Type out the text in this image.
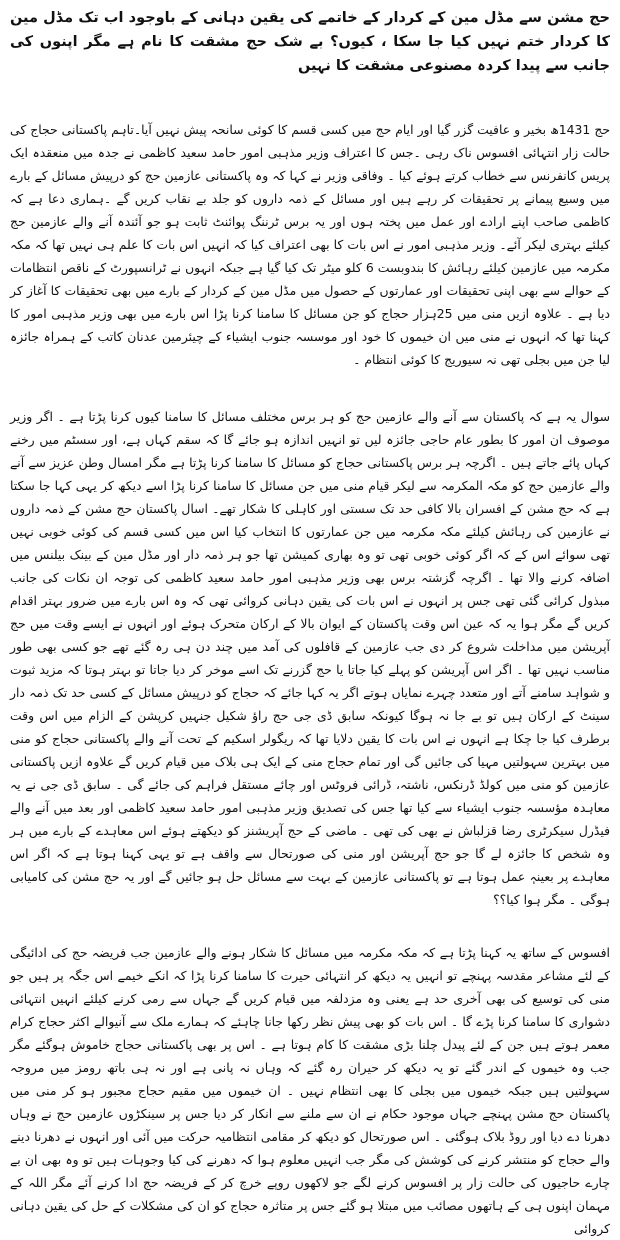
حج مشن سے مڈل مین کے کردار کے خاتمے کی یقین دہانی کے باوجود اب تک مڈل مین کا کردار ختم نہیں کیا جا سکا ، کیوں؟ بے شک حج مشقت کا نام ہے مگر اپنوں کی جانب سے پیدا کردہ مصنوعی مشقت کا نہیں

حج 1431ھ بخیر و عافیت گزر گیا اور ایام حج میں کسی قسم کا کوئی سانحہ پیش نہیں آیا۔تاہم پاکستانی حجاج کی حالت زار انتہائی افسوس ناک رہی ۔جس کا اعتراف وزیر مذہبی امور حامد سعید کاظمی نے جدہ میں منعقدہ ایک پریس کانفرنس سے خطاب کرتے ہوئے کیا ۔ وفاقی وزیر نے کہا کہ وہ پاکستانی عازمین حج کو درپیش مسائل کے بارے میں وسیع پیمانے پر تحقیقات کر رہے ہیں اور مسائل کے ذمہ داروں کو جلد بے نقاب کریں گے ۔ہماری دعا ہے کہ کاظمی صاحب اپنے ارادے اور عمل میں پختہ ہوں اور یہ برس ٹرننگ پوائنٹ ثابت ہو جو آئندہ آنے والے عازمین حج کیلئے بہتری لیکر آئے۔ وزیر مذہبی امور نے اس بات کا بھی اعتراف کیا کہ انہیں اس بات کا علم ہی نہیں تھا کہ مکہ مکرمہ میں عازمین کیلئے رہائش کا بندوبست 6 کلو میٹر تک کیا گیا ہے جبکہ انہوں نے ٹرانسپورٹ کے ناقص انتظامات کے حوالے سے بھی اپنی تحقیقات اور عمارتوں کے حصول میں مڈل مین کے کردار کے بارے میں بھی تحقیقات کا آغاز کر دیا ہے ۔ علاوہ ازیں منی میں 25ہزار حجاج کو جن مسائل کا سامنا کرنا پڑا اس بارے میں بھی وزیر مذہبی امور کا کہنا تھا کہ انہوں نے منی میں ان خیموں کا خود اور موسسہ جنوب ایشیاء کے چیئرمین عدنان کاتب کے ہمراہ جائزہ لیا جن میں بجلی تھی نہ سیوریج کا کوئی انتظام ۔

سوال یہ ہے کہ پاکستان سے آنے والے عازمین حج کو ہر برس مختلف مسائل کا سامنا کیوں کرنا پڑتا ہے ۔ اگر وزیر موصوف ان امور کا بطور عام حاجی جائزہ لیں تو انہیں اندازہ ہو جائے گا کہ سقم کہاں ہے، اور سسٹم میں رخنے کہاں پائے جاتے ہیں ۔ اگرچہ ہر برس پاکستانی حجاج کو مسائل کا سامنا کرنا پڑتا ہے مگر امسال وطن عزیز سے آنے والے عازمین حج کو مکہ المکرمہ سے لیکر قیام منی میں جن مسائل کا سامنا کرنا پڑا اسے دیکھ کر یہی کہا جا سکتا ہے کہ حج مشن کے افسران بالا کافی حد تک سستی اور کاہلی کا شکار تھے۔ اسال پاکستان حج مشن کے ذمہ داروں نے عازمین کی رہائش کیلئے مکہ مکرمہ میں جن عمارتوں کا انتخاب کیا اس میں کسی قسم کی کوئی خوبی نہیں تھی سوائے اس کے کہ اگر کوئی خوبی تھی تو وہ بھاری کمیشن تھا جو ہر ذمہ دار اور مڈل مین کے بینک بیلنس میں اضافہ کرنے والا تھا ۔ اگرچہ گزشتہ برس بھی وزیر مذہبی امور حامد سعید کاظمی کی توجہ ان نکات کی جانب مبذول کرائی گئی تھی جس پر انہوں نے اس بات کی یقین دہانی کروائی تھی کہ وہ اس بارے میں ضرور بہتر اقدام کریں گے مگر ہوا یہ کہ عین اس وقت پاکستان کے ایوان بالا کے ارکان متحرک ہوئے اور انہوں نے ایسے وقت میں حج آپریشن میں مداخلت شروع کر دی جب عازمین کے قافلوں کی آمد میں چند دن ہی رہ گئے تھے جو کسی بھی طور مناسب نہیں تھا ۔ اگر اس آپریشن کو پہلے کیا جاتا یا حج گزرنے تک اسے موخر کر دیا جاتا تو بہتر ہوتا کہ مزید ثبوت و شواہد سامنے آتے اور متعدد چہرے نمایاں ہوتے اگر یہ کہا جائے کہ حجاج کو درپیش مسائل کے کسی حد تک ذمہ دار سینٹ کے ارکان ہیں تو بے جا نہ ہوگا کیونکہ سابق ڈی جی حج راؤ شکیل جنہیں کرپشن کے الزام میں اس وقت برطرف کیا جا چکا ہے انہوں نے اس بات کا یقین دلایا تھا کہ ریگولر اسکیم کے تحت آنے والے پاکستانی حجاج کو منی میں بہترین سہولتیں مہیا کی جائیں گی اور تمام حجاج منی کے ایک ہی بلاک میں قیام کریں گے علاوہ ازیں پاکستانی عازمین کو منی میں کولڈ ڈرنکس، ناشتہ، ڈرائی فروٹس اور چائے مستقل فراہم کی جائے گی ۔ سابق ڈی جی نے یہ معاہدہ مؤسسہ جنوب ایشیاء سے کیا تھا جس کی تصدیق وزیر مذہبی امور حامد سعید کاظمی اور بعد میں آنے والے فیڈرل سیکرٹری رضا قزلباش نے بھی کی تھی ۔ ماضی کے حج آپریشنز کو دیکھتے ہوئے اس معاہدے کے بارے میں ہر وہ شخص کا جائزہ لے گا جو حج آپریشن اور منی کی صورتحال سے واقف ہے تو یہی کہنا ہوتا ہے کہ اگر اس معاہدے پر بعینہٖ عمل ہوتا ہے تو پاکستانی عازمین کے بہت سے مسائل حل ہو جائیں گے اور یہ حج مشن کی کامیابی ہوگی ۔ مگر ہوا کیا؟؟

افسوس کے ساتھ یہ کہنا پڑتا ہے کہ مکہ مکرمہ میں مسائل کا شکار ہونے والے عازمین جب فریضہ حج کی ادائیگی کے لئے مشاعر مقدسہ پہنچے تو انہیں یہ دیکھ کر انتہائی حیرت کا سامنا کرنا پڑا کہ انکے خیمے اس جگہ پر ہیں جو منی کی توسیع کی بھی آخری حد ہے یعنی وہ مزدلفہ میں قیام کریں گے جہاں سے رمی کرنے کیلئے انہیں انتہائی دشواری کا سامنا کرنا پڑے گا ۔ اس بات کو بھی پیش نظر رکھا جانا چاہئے کہ ہمارے ملک سے آنیوالے اکثر حجاج کرام معمر ہوتے ہیں جن کے لئے پیدل چلنا بڑی مشقت کا کام ہوتا ہے ۔ اس پر بھی پاکستانی حجاج خاموش ہوگئے مگر جب وہ خیموں کے اندر گئے تو یہ دیکھ کر حیران رہ گئے کہ وہاں نہ پانی ہے اور نہ ہی باتھ رومز میں مروجہ سہولتیں ہیں جبکہ خیموں میں بجلی کا بھی انتظام نہیں ۔ ان خیموں میں مقیم حجاج مجبور ہو کر منی میں پاکستان حج مشن پہنچے جہاں موجود حکام نے ان سے ملنے سے انکار کر دیا جس پر سینکڑوں عازمین حج نے وہاں دھرنا دے دیا اور روڈ بلاک ہوگئی ۔ اس صورتحال کو دیکھ کر مقامی انتظامیہ حرکت میں آئی اور انہوں نے دھرنا دینے والے حجاج کو منتشر کرنے کی کوشش کی مگر جب انہیں معلوم ہوا کہ دھرنے کی کیا وجوہات ہیں تو وہ بھی ان بے چارے حاجیوں کی حالت زار پر افسوس کرنے لگے جو لاکھوں روپے خرچ کر کے فریضہ حج ادا کرنے آئے مگر اللہ کے مہمان اپنوں ہی کے ہاتھوں مصائب میں مبتلا ہو گئے جس پر متاثرہ حجاج کو ان کی مشکلات کے حل کی یقین دہانی کروائی
